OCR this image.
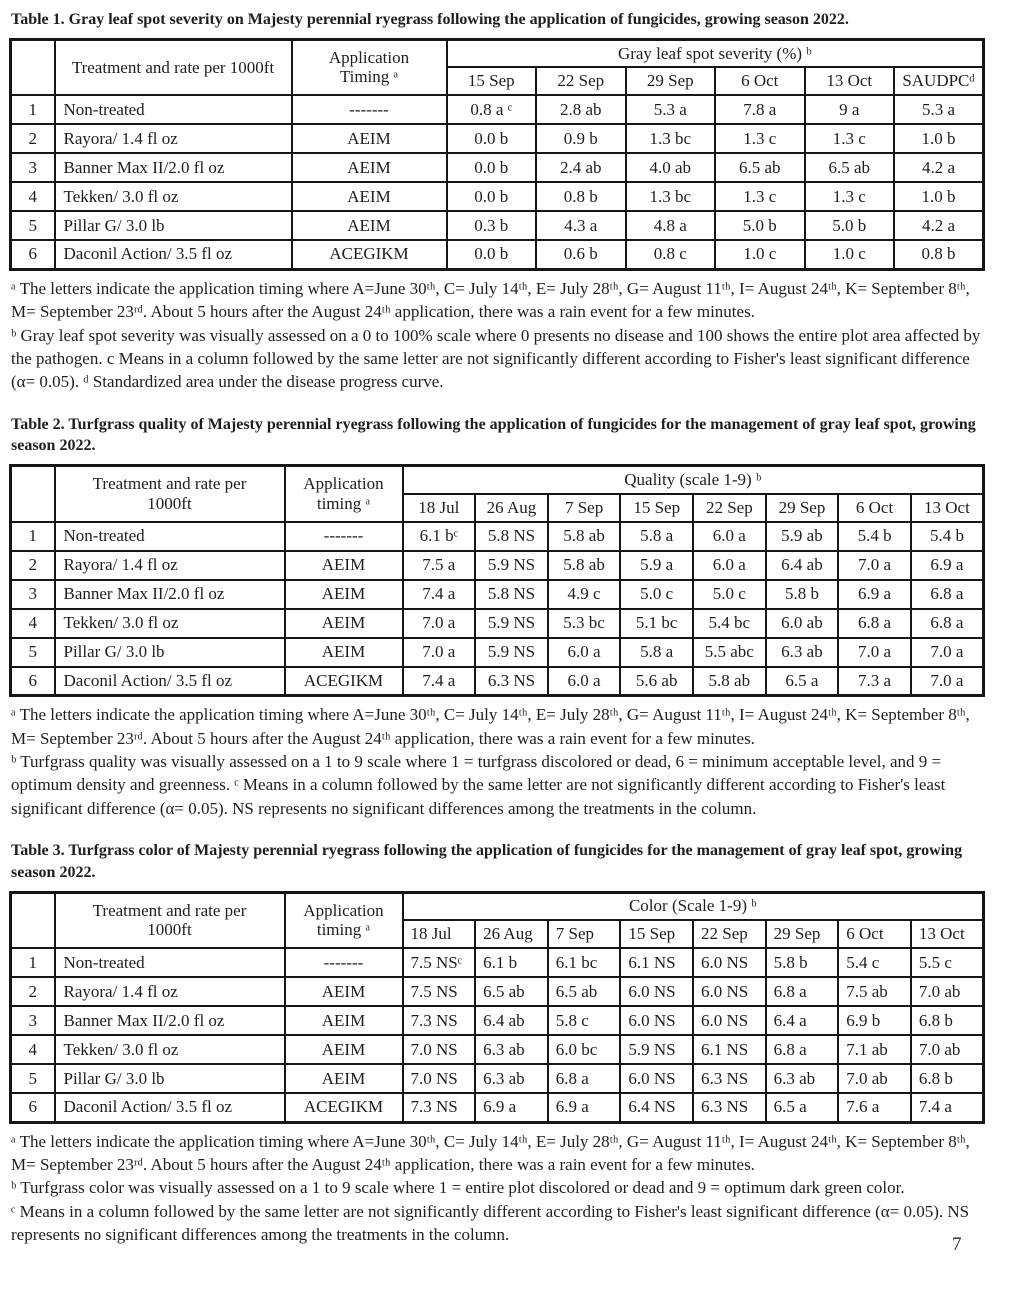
Table 1. Gray leaf spot severity on Majesty perennial ryegrass following the application of fungicides, growing season 2022.

	Treatment and rate per 1000ft	Application Timing ᵃ	Gray leaf spot severity (%) ᵇ					
			15 Sep	22 Sep	29 Sep	6 Oct	13 Oct	SAUDPCᵈ
1	Non-treated	-------	0.8 a ᶜ	2.8 ab	5.3 a	7.8 a	9 a	5.3 a
2	Rayora/ 1.4 fl oz	AEIM	0.0 b	0.9 b	1.3 bc	1.3 c	1.3 c	1.0 b
3	Banner Max II/2.0 fl oz	AEIM	0.0 b	2.4 ab	4.0 ab	6.5 ab	6.5 ab	4.2 a
4	Tekken/ 3.0 fl oz	AEIM	0.0 b	0.8 b	1.3 bc	1.3 c	1.3 c	1.0 b
5	Pillar G/ 3.0 lb	AEIM	0.3 b	4.3 a	4.8 a	5.0 b	5.0 b	4.2 a
6	Daconil Action/ 3.5 fl oz	ACEGIKM	0.0 b	0.6 b	0.8 c	1.0 c	1.0 c	0.8 b

ᵃ The letters indicate the application timing where A=June 30ᵗʰ, C= July 14ᵗʰ, E= July 28ᵗʰ, G= August 11ᵗʰ, I= August 24ᵗʰ, K= September 8ᵗʰ, M= September 23ʳᵈ. About 5 hours after the August 24ᵗʰ application, there was a rain event for a few minutes.

ᵇ Gray leaf spot severity was visually assessed on a 0 to 100% scale where 0 presents no disease and 100 shows the entire plot area affected by the pathogen. c Means in a column followed by the same letter are not significantly different according to Fisher's least significant difference (α= 0.05). ᵈ Standardized area under the disease progress curve.

Table 2. Turfgrass quality of Majesty perennial ryegrass following the application of fungicides for the management of gray leaf spot, growing season 2022.

	Treatment and rate per 1000ft	Application timing ᵃ	Quality (scale 1-9) ᵇ							
			18 Jul	26 Aug	7 Sep	15 Sep	22 Sep	29 Sep	6 Oct	13 Oct
1	Non-treated	-------	6.1 bᶜ	5.8 NS	5.8 ab	5.8 a	6.0 a	5.9 ab	5.4 b	5.4 b
2	Rayora/ 1.4 fl oz	AEIM	7.5 a	5.9 NS	5.8 ab	5.9 a	6.0 a	6.4 ab	7.0 a	6.9 a
3	Banner Max II/2.0 fl oz	AEIM	7.4 a	5.8 NS	4.9 c	5.0 c	5.0 c	5.8 b	6.9 a	6.8 a
4	Tekken/ 3.0 fl oz	AEIM	7.0 a	5.9 NS	5.3 bc	5.1 bc	5.4 bc	6.0 ab	6.8 a	6.8 a
5	Pillar G/ 3.0 lb	AEIM	7.0 a	5.9 NS	6.0 a	5.8 a	5.5 abc	6.3 ab	7.0 a	7.0 a
6	Daconil Action/ 3.5 fl oz	ACEGIKM	7.4 a	6.3 NS	6.0 a	5.6 ab	5.8 ab	6.5 a	7.3 a	7.0 a

ᵃ The letters indicate the application timing where A=June 30ᵗʰ, C= July 14ᵗʰ, E= July 28ᵗʰ, G= August 11ᵗʰ, I= August 24ᵗʰ, K= September 8ᵗʰ, M= September 23ʳᵈ. About 5 hours after the August 24ᵗʰ application, there was a rain event for a few minutes.

ᵇ Turfgrass quality was visually assessed on a 1 to 9 scale where 1 = turfgrass discolored or dead, 6 = minimum acceptable level, and 9 = optimum density and greenness. ᶜ Means in a column followed by the same letter are not significantly different according to Fisher's least significant difference (α= 0.05). NS represents no significant differences among the treatments in the column.

Table 3. Turfgrass color of Majesty perennial ryegrass following the application of fungicides for the management of gray leaf spot, growing season 2022.

	Treatment and rate per 1000ft	Application timing ᵃ	Color (Scale 1-9) ᵇ							
			18 Jul	26 Aug	7 Sep	15 Sep	22 Sep	29 Sep	6 Oct	13 Oct
1	Non-treated	-------	7.5 NSᶜ	6.1 b	6.1 bc	6.1 NS	6.0 NS	5.8 b	5.4 c	5.5 c
2	Rayora/ 1.4 fl oz	AEIM	7.5 NS	6.5 ab	6.5 ab	6.0 NS	6.0 NS	6.8 a	7.5 ab	7.0 ab
3	Banner Max II/2.0 fl oz	AEIM	7.3 NS	6.4 ab	5.8 c	6.0 NS	6.0 NS	6.4 a	6.9 b	6.8 b
4	Tekken/ 3.0 fl oz	AEIM	7.0 NS	6.3 ab	6.0 bc	5.9 NS	6.1 NS	6.8 a	7.1 ab	7.0 ab
5	Pillar G/ 3.0 lb	AEIM	7.0 NS	6.3 ab	6.8 a	6.0 NS	6.3 NS	6.3 ab	7.0 ab	6.8 b
6	Daconil Action/ 3.5 fl oz	ACEGIKM	7.3 NS	6.9 a	6.9 a	6.4 NS	6.3 NS	6.5 a	7.6 a	7.4 a

ᵃ The letters indicate the application timing where A=June 30ᵗʰ, C= July 14ᵗʰ, E= July 28ᵗʰ, G= August 11ᵗʰ, I= August 24ᵗʰ, K= September 8ᵗʰ, M= September 23ʳᵈ. About 5 hours after the August 24ᵗʰ application, there was a rain event for a few minutes.

ᵇ Turfgrass color was visually assessed on a 1 to 9 scale where 1 = entire plot discolored or dead and 9 = optimum dark green color.

ᶜ Means in a column followed by the same letter are not significantly different according to Fisher's least significant difference (α= 0.05). NS represents no significant differences among the treatments in the column.	7
